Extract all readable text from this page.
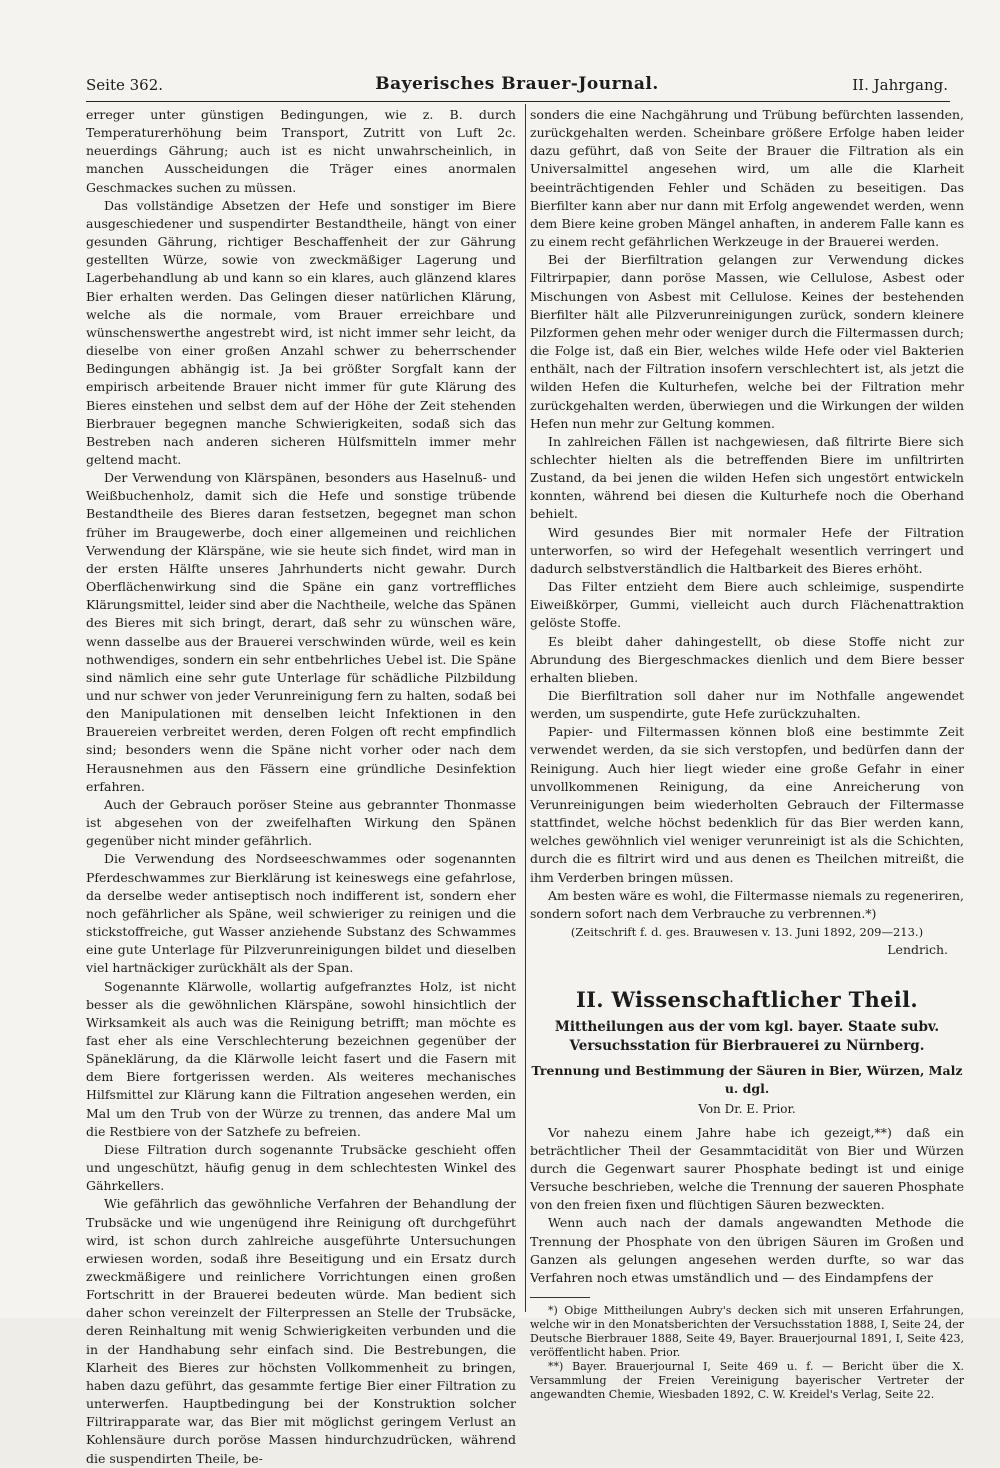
Seite 362.	Bayerisches Brauer-Journal.	II. Jahrgang.

erreger unter günstigen Bedingungen, wie z. B. durch Temperaturerhöhung beim Transport, Zutritt von Luft 2c. neuerdings Gährung; auch ist es nicht unwahrscheinlich, in manchen Ausscheidungen die Träger eines anormalen Geschmackes suchen zu müssen.

Das vollständige Absetzen der Hefe und sonstiger im Biere ausgeschiedener und suspendirter Bestandtheile, hängt von einer gesunden Gährung, richtiger Beschaffenheit der zur Gährung gestellten Würze, sowie von zweckmäßiger Lagerung und Lagerbehandlung ab und kann so ein klares, auch glänzend klares Bier erhalten werden. Das Gelingen dieser natürlichen Klärung, welche als die normale, vom Brauer erreichbare und wünschenswerthe angestrebt wird, ist nicht immer sehr leicht, da dieselbe von einer großen Anzahl schwer zu beherrschender Bedingungen abhängig ist. Ja bei größter Sorgfalt kann der empirisch arbeitende Brauer nicht immer für gute Klärung des Bieres einstehen und selbst dem auf der Höhe der Zeit stehenden Bierbrauer begegnen manche Schwierigkeiten, sodaß sich das Bestreben nach anderen sicheren Hülfsmitteln immer mehr geltend macht.

Der Verwendung von Klärspänen, besonders aus Haselnuß- und Weißbuchenholz, damit sich die Hefe und sonstige trübende Bestandtheile des Bieres daran festsetzen, begegnet man schon früher im Braugewerbe, doch einer allgemeinen und reichlichen Verwendung der Klärspäne, wie sie heute sich findet, wird man in der ersten Hälfte unseres Jahrhunderts nicht gewahr. Durch Oberflächenwirkung sind die Späne ein ganz vortreffliches Klärungsmittel, leider sind aber die Nachtheile, welche das Spänen des Bieres mit sich bringt, derart, daß sehr zu wünschen wäre, wenn dasselbe aus der Brauerei verschwinden würde, weil es kein nothwendiges, sondern ein sehr entbehrliches Uebel ist. Die Späne sind nämlich eine sehr gute Unterlage für schädliche Pilzbildung und nur schwer von jeder Verunreinigung fern zu halten, sodaß bei den Manipulationen mit denselben leicht Infektionen in den Brauereien verbreitet werden, deren Folgen oft recht empfindlich sind; besonders wenn die Späne nicht vorher oder nach dem Herausnehmen aus den Fässern eine gründliche Desinfektion erfahren.

Auch der Gebrauch poröser Steine aus gebrannter Thonmasse ist abgesehen von der zweifelhaften Wirkung den Spänen gegenüber nicht minder gefährlich.

Die Verwendung des Nordseeschwammes oder sogenannten Pferdeschwammes zur Bierklärung ist keineswegs eine gefahrlose, da derselbe weder antiseptisch noch indifferent ist, sondern eher noch gefährlicher als Späne, weil schwieriger zu reinigen und die stickstoffreiche, gut Wasser anziehende Substanz des Schwammes eine gute Unterlage für Pilzverunreinigungen bildet und dieselben viel hartnäckiger zurückhält als der Span.

Sogenannte Klärwolle, wollartig aufgefranztes Holz, ist nicht besser als die gewöhnlichen Klärspäne, sowohl hinsichtlich der Wirksamkeit als auch was die Reinigung betrifft; man möchte es fast eher als eine Verschlechterung bezeichnen gegenüber der Späneklärung, da die Klärwolle leicht fasert und die Fasern mit dem Biere fortgerissen werden. Als weiteres mechanisches Hilfsmittel zur Klärung kann die Filtration angesehen werden, ein Mal um den Trub von der Würze zu trennen, das andere Mal um die Restbiere von der Satzhefe zu befreien.

Diese Filtration durch sogenannte Trubsäcke geschieht offen und ungeschützt, häufig genug in dem schlechtesten Winkel des Gährkellers.

Wie gefährlich das gewöhnliche Verfahren der Behandlung der Trubsäcke und wie ungenügend ihre Reinigung oft durchgeführt wird, ist schon durch zahlreiche ausgeführte Untersuchungen erwiesen worden, sodaß ihre Beseitigung und ein Ersatz durch zweckmäßigere und reinlichere Vorrichtungen einen großen Fortschritt in der Brauerei bedeuten würde. Man bedient sich daher schon vereinzelt der Filterpressen an Stelle der Trubsäcke, deren Reinhaltung mit wenig Schwierigkeiten verbunden und die in der Handhabung sehr einfach sind. Die Bestrebungen, die Klarheit des Bieres zur höchsten Vollkommenheit zu bringen, haben dazu geführt, das gesammte fertige Bier einer Filtration zu unterwerfen. Hauptbedingung bei der Konstruktion solcher Filtrirapparate war, das Bier mit möglichst geringem Verlust an Kohlensäure durch poröse Massen hindurchzudrücken, während die suspendirten Theile, be-

sonders die eine Nachgährung und Trübung befürchten lassenden, zurückgehalten werden. Scheinbare größere Erfolge haben leider dazu geführt, daß von Seite der Brauer die Filtration als ein Universalmittel angesehen wird, um alle die Klarheit beeinträchtigenden Fehler und Schäden zu beseitigen. Das Bierfilter kann aber nur dann mit Erfolg angewendet werden, wenn dem Biere keine groben Mängel anhaften, in anderem Falle kann es zu einem recht gefährlichen Werkzeuge in der Brauerei werden.

Bei der Bierfiltration gelangen zur Verwendung dickes Filtrirpapier, dann poröse Massen, wie Cellulose, Asbest oder Mischungen von Asbest mit Cellulose. Keines der bestehenden Bierfilter hält alle Pilzverunreinigungen zurück, sondern kleinere Pilzformen gehen mehr oder weniger durch die Filtermassen durch; die Folge ist, daß ein Bier, welches wilde Hefe oder viel Bakterien enthält, nach der Filtration insofern verschlechtert ist, als jetzt die wilden Hefen die Kulturhefen, welche bei der Filtration mehr zurückgehalten werden, überwiegen und die Wirkungen der wilden Hefen nun mehr zur Geltung kommen.

In zahlreichen Fällen ist nachgewiesen, daß filtrirte Biere sich schlechter hielten als die betreffenden Biere im unfiltrirten Zustand, da bei jenen die wilden Hefen sich ungestört entwickeln konnten, während bei diesen die Kulturhefe noch die Oberhand behielt.

Wird gesundes Bier mit normaler Hefe der Filtration unterworfen, so wird der Hefegehalt wesentlich verringert und dadurch selbstverständlich die Haltbarkeit des Bieres erhöht.

Das Filter entzieht dem Biere auch schleimige, suspendirte Eiweißkörper, Gummi, vielleicht auch durch Flächenattraktion gelöste Stoffe.

Es bleibt daher dahingestellt, ob diese Stoffe nicht zur Abrundung des Biergeschmackes dienlich und dem Biere besser erhalten blieben.

Die Bierfiltration soll daher nur im Nothfalle angewendet werden, um suspendirte, gute Hefe zurückzuhalten.

Papier- und Filtermassen können bloß eine bestimmte Zeit verwendet werden, da sie sich verstopfen, und bedürfen dann der Reinigung. Auch hier liegt wieder eine große Gefahr in einer unvollkommenen Reinigung, da eine Anreicherung von Verunreinigungen beim wiederholten Gebrauch der Filtermasse stattfindet, welche höchst bedenklich für das Bier werden kann, welches gewöhnlich viel weniger verunreinigt ist als die Schichten, durch die es filtrirt wird und aus denen es Theilchen mitreißt, die ihm Verderben bringen müssen.

Am besten wäre es wohl, die Filtermasse niemals zu regeneriren, sondern sofort nach dem Verbrauche zu verbrennen.*)

(Zeitschrift f. d. ges. Brauwesen v. 13. Juni 1892, 209—213.)

Lendrich.

II. Wissenschaftlicher Theil.
Mittheilungen aus der vom kgl. bayer. Staate subv. Versuchsstation für Bierbrauerei zu Nürnberg.
Trennung und Bestimmung der Säuren in Bier, Würzen, Malz u. dgl.
Von Dr. E. Prior.

Vor nahezu einem Jahre habe ich gezeigt,**) daß ein beträchtlicher Theil der Gesammtacidität von Bier und Würzen durch die Gegenwart saurer Phosphate bedingt ist und einige Versuche beschrieben, welche die Trennung der saueren Phosphate von den freien fixen und flüchtigen Säuren bezweckten.

Wenn auch nach der damals angewandten Methode die Trennung der Phosphate von den übrigen Säuren im Großen und Ganzen als gelungen angesehen werden durfte, so war das Verfahren noch etwas umständlich und — des Eindampfens der

*) Obige Mittheilungen Aubry's decken sich mit unseren Erfahrungen, welche wir in den Monatsberichten der Versuchsstation 1888, I, Seite 24, der Deutsche Bierbrauer 1888, Seite 49, Bayer. Brauerjournal 1891, I, Seite 423, veröffentlicht haben. Prior.

**) Bayer. Brauerjournal I, Seite 469 u. f. — Bericht über die X. Versammlung der Freien Vereinigung bayerischer Vertreter der angewandten Chemie, Wiesbaden 1892, C. W. Kreidel's Verlag, Seite 22.
